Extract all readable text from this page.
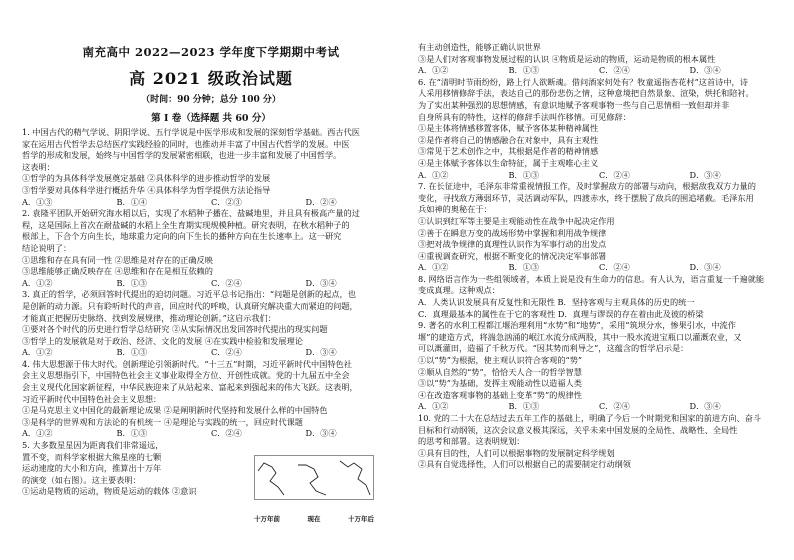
南充高中 2022—2023 学年度下学期期中考试
高 2021 级政治试题
（时间：90 分钟；总分 100 分）
第 Ⅰ 卷（选择题 共 60 分）
1. 中国古代的精气学说、阴阳学说、五行学说是中医学形成和发展的深刻哲学基础。西古代医
家在运用古代哲学去总结医疗实践经验的同时，也推动并丰富了中国古代哲学的发展。中医
哲学的形成和发展，始终与中国哲学的发展紧密相联，也进一步丰富和发展了中国哲学。
这表明：
①哲学的为具体科学发展奠定基础 ②具体科学的进步推动哲学的发展
③哲学要对具体科学进行概括升华 ④具体科学为哲学提供方法论指导
A．①③	B．①④	C．②③	D．②④
2. 袁隆平团队开始研究海水稻以后，实现了水稻种子播在、盐碱地里，并且具有极高产量的过
程，这是国际上首次在耐盐碱的水稻上全生育期实现规模种植。研究表明，在秋水稻种子的
根部上，下合个方向生长，地球重力定向的向下生长的播种方向在生长速率上。这一研究
结论说明了：
①思维和存在具有同一性 ②思维是对存在的正确反映
③思维能够正确反映存在 ④思维和存在是相互依赖的
A．①②	B．①③	C．②④	D．③④
3. 真正的哲学，必须回答时代提出的迫切问题。习近平总书记指出：“问题是创新的起点，也
是创新的动力源。只有聆听时代的声音，回应时代的呼唤，认真研究解决重大而紧迫的问题，
才能真正把握历史脉络、找到发展规律，推动理论创新。”这启示我们：
①要对各个时代的历史进行哲学总结研究 ②从实际情况出发回答时代提出的现实问题
③哲学上的发展就是对于政治、经济、文化的发展 ④在实践中检验和发展理论
A．①②	B．①③	C．②④	D．③④
4. 伟大思想源于伟大时代。创新理论引领新时代。“十三五”时期，习近平新时代中国特色社
会主义思想指引下，中国特色社会主义事业取得全方位、开创性成就。党的十九届五中全会
会主义现代化国家新征程，中华民族迎来了从站起来、富起来到强起来的伟大飞跃。这表明，
习近平新时代中国特色社会主义思想：
①是马克思主义中国化的最新理论成果 ②是阐明新时代坚持和发展什么样的中国特色
③是科学的世界观和方法论的有机统一 ④是理论与实践的统一，回应时代课题
A．①②	B．①③	C．②④	D．③④
5. 大多数星星因为距离我们非常遥远，
置不变，而科学家根据大熊星座的七颗
运动速度的大小和方向，推算出十万年
的演变（如右图）。这主要表明：
①运动是物质的运动，物质是运动的载体 ②意识
十万年前	现在	十万年后
有主动创造性，能够正确认识世界
③是人们对客观事物发展过程的认识 ④物质是运动的物质，运动是物质的根本属性
A．①②	B．①③	C．②④	D．③④
6. 在“清明时节雨纷纷，路上行人欲断魂。借问酒家何处有？牧童遥指杏花村”这首诗中，诗
人采用移情修辞手法，表达自己的那份悲伤之情，这种意境把自然景象、渲染，烘托和陪衬。
为了实出某种强烈的思想情感，有意识地赋予客观事物一些与自己思情相一致但却并非
自身所具有的特性，这样的修辞手法叫作移情。可见修辞：
①是主体将情感移置客体，赋予客体某种精神属性
②是作者将自己的情感融合在对象中，具有主观性
③常见于艺术创作之中，其根据是作者的精神情感
④是主体赋予客体以生命特征，属于主观唯心主义
A．①②	B．①③	C．②④	D．③④
7. 在长征途中，毛泽东非常重视情报工作，及时掌握敌方的部署与动向，根据敌我双方力量的
变化，寻找敌方薄弱环节，灵活调动军队，四渡赤水，终于摆脱了敌兵的围追堵截。毛泽东用
兵如神的奥秘在于：
①认识到红军等主要是主观能动性在战争中起决定作用
②善于在瞬息万变的战场形势中掌握和利用战争规律
③把对战争规律的真理性认识作为军事行动的出发点
④重视调查研究，根据不断变化的情况决定军事部署
A．①②	B．①③	C．②④	D．③④
8. 网络语言作为一些组领域者，本质上说是没有生命力的信息。有人认为，语言重复一千遍就能
变成真理。这种观点：
A．人类认识发展具有反复性和无限性 B．坚持客观与主观具体的历史的统一
C．真理最基本的属性在于它的客观性 D．真理与谬误的存在着由此及彼的桥梁
9. 著名的水利工程都江堰治理利用“水势”和“地势”，采用“筑坝分水，惨果引水，中流作
堰”的建造方式，将湍急汹涌的岷江水流分成两股，其中一股水流进宝瓶口以灌溉农业，又
可以溉灌田，造福了千秋万代。“因其势而利导之”，这蕴含的哲学启示是：
①以“势”为根据，使主观认识符合客观的“势”
②顺从自然的“势”，恰恰天人合一的哲学智慧
③以“势”为基础，发挥主观能动性以造福人类
④在改造客观事物的基础上变革“势”的规律性
A．①②	B．①③	C．②④	D．③④
10. 党的二十大在总结过去五年工作的基础上，明确了今后一个时期党和国家的前进方向、奋斗
目标和行动纲领，这次会议意义极其深远，关乎未来中国发展的全局性、战略性、全局性
的思考和部署。这表明规划：
①具有目的性，人们可以根据事物的发展制定科学规划
②具有自觉选择性，人们可以根据自己的需要制定行动纲领
